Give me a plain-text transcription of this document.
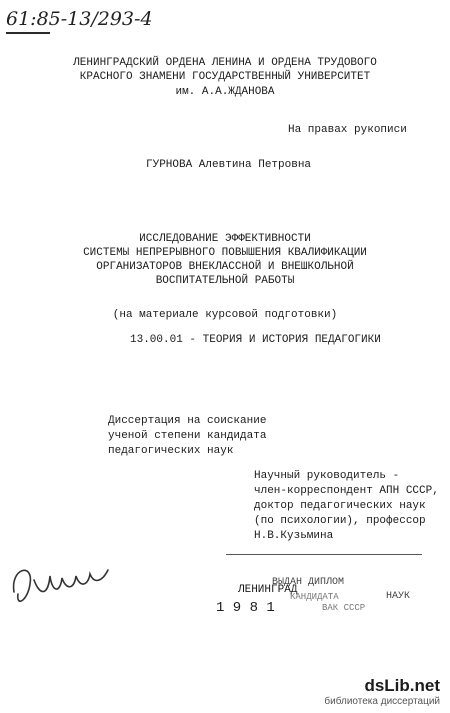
61:85-13/293-4
ЛЕНИНГРАДСКИЙ ОРДЕНА ЛЕНИНА И ОРДЕНА ТРУДОВОГО
КРАСНОГО ЗНАМЕНИ ГОСУДАРСТВЕННЫЙ УНИВЕРСИТЕТ
им. А.А.ЖДАНОВА
На правах рукописи
ГУРНОВА Алевтина Петровна
ИССЛЕДОВАНИЕ ЭФФЕКТИВНОСТИ
СИСТЕМЫ НЕПРЕРЫВНОГО ПОВЫШЕНИЯ КВАЛИФИКАЦИИ
ОРГАНИЗАТОРОВ ВНЕКЛАССНОЙ И ВНЕШКОЛЬНОЙ
ВОСПИТАТЕЛЬНОЙ РАБОТЫ
(на материале курсовой подготовки)
13.00.01 - ТЕОРИЯ И ИСТОРИЯ ПЕДАГОГИКИ
Диссертация на соискание
ученой степени кандидата
педагогических наук
Научный руководитель -
член-корреспондент АПН СССР,
доктор педагогических наук
(по психологии), профессор
Н.В.Кузьмина
ВЫДАН ДИПЛОМ
КАНДИДАТА	НАУК
ВАК СССР
ЛЕНИНГРАД
1 9 8 1
dsLib.net
библиотека диссертаций
